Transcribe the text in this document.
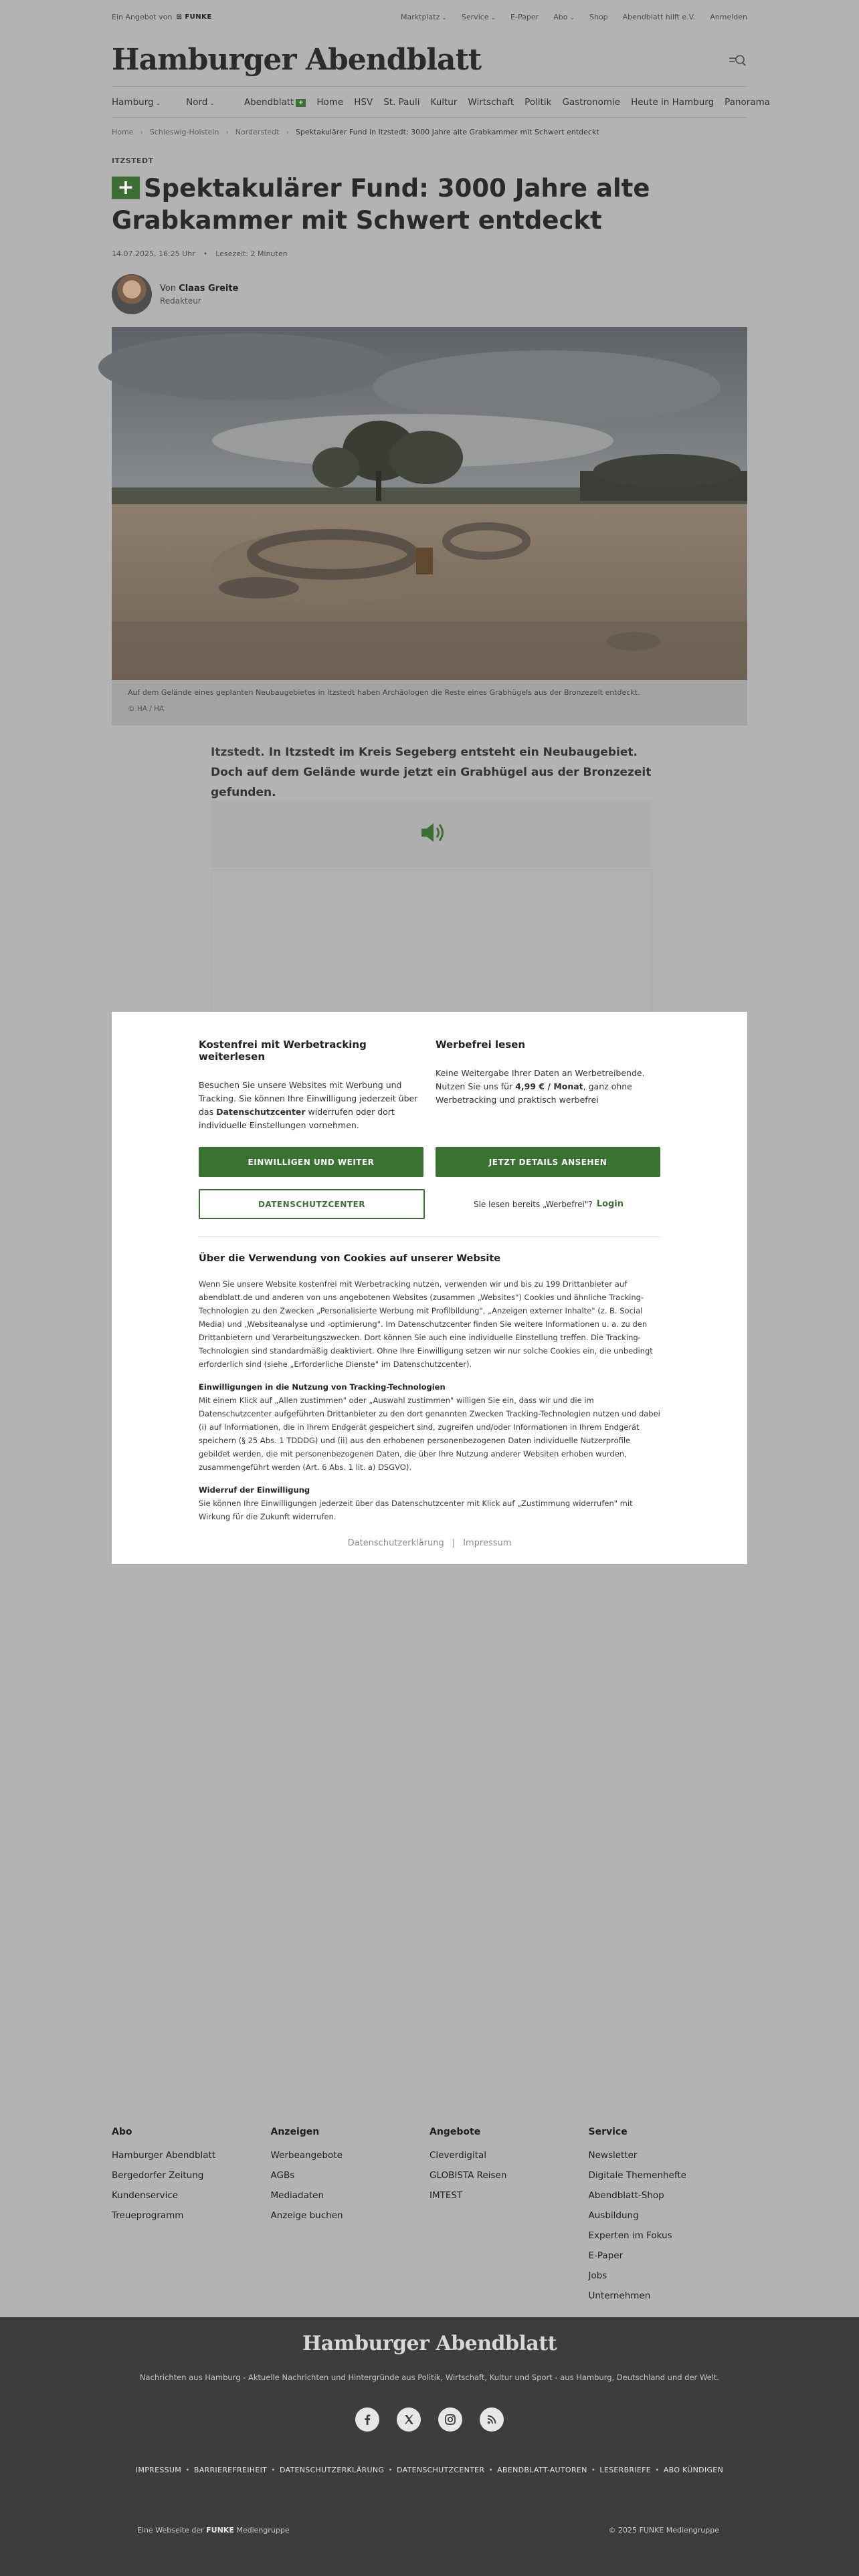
Ein Angebot von ⊞ FUNKE	Marktplatz ⌄ Service ⌄ E-Paper Abo ⌄ Shop Abendblatt hilft e.V. Anmelden
Hamburger Abendblatt
Hamburg ⌄	Nord ⌄	Abendblatt +	Home	HSV	St. Pauli	Kultur	Wirtschaft	Politik	Gastronomie	Heute in Hamburg	Panorama
Home › Schleswig-Holstein › Norderstedt › Spektakulärer Fund in Itzstedt: 3000 Jahre alte Grabkammer mit Schwert entdeckt
ITZSTEDT
+ Spektakulärer Fund: 3000 Jahre alte Grabkammer mit Schwert entdeckt
14.07.2025, 16:25 Uhr • Lesezeit: 2 Minuten
Von Claas Greite
Redakteur
Auf dem Gelände eines geplanten Neubaugebietes in Itzstedt haben Archäologen die Reste eines Grabhügels aus der Bronzezeit entdeckt.
© HA / HA
Itzstedt. In Itzstedt im Kreis Segeberg entsteht ein Neubaugebiet. Doch auf dem Gelände wurde jetzt ein Grabhügel aus der Bronzezeit gefunden.
Kostenfrei mit Werbetracking weiterlesen

Besuchen Sie unsere Websites mit Werbung und Tracking. Sie können Ihre Einwilligung jederzeit über das Datenschutzcenter widerrufen oder dort individuelle Einstellungen vornehmen.

Werbefrei lesen

Keine Weitergabe Ihrer Daten an Werbetreibende. Nutzen Sie uns für 4,99 € / Monat, ganz ohne Werbetracking und praktisch werbefrei

EINWILLIGEN UND WEITER	JETZT DETAILS ANSEHEN
DATENSCHUTZCENTER	Sie lesen bereits „Werbefrei"? Login
Über die Verwendung von Cookies auf unserer Website

Wenn Sie unsere Website kostenfrei mit Werbetracking nutzen, verwenden wir und bis zu 199 Drittanbieter auf abendblatt.de und anderen von uns angebotenen Websites (zusammen „Websites") Cookies und ähnliche Tracking-Technologien zu den Zwecken „Personalisierte Werbung mit Profilbildung", „Anzeigen externer Inhalte" (z. B. Social Media) und „Websiteanalyse und -optimierung". Im Datenschutzcenter finden Sie weitere Informationen u. a. zu den Drittanbietern und Verarbeitungszwecken. Dort können Sie auch eine individuelle Einstellung treffen. Die Tracking-Technologien sind standardmäßig deaktiviert. Ohne Ihre Einwilligung setzen wir nur solche Cookies ein, die unbedingt erforderlich sind (siehe „Erforderliche Dienste" im Datenschutzcenter).

Einwilligungen in die Nutzung von Tracking-Technologien

Mit einem Klick auf „Allen zustimmen" oder „Auswahl zustimmen" willigen Sie ein, dass wir und die im Datenschutzcenter aufgeführten Drittanbieter zu den dort genannten Zwecken Tracking-Technologien nutzen und dabei (i) auf Informationen, die in Ihrem Endgerät gespeichert sind, zugreifen und/oder Informationen in Ihrem Endgerät speichern (§ 25 Abs. 1 TDDDG) und (ii) aus den erhobenen personenbezogenen Daten individuelle Nutzerprofile gebildet werden, die mit personenbezogenen Daten, die über Ihre Nutzung anderer Websiten erhoben wurden, zusammengeführt werden (Art. 6 Abs. 1 lit. a) DSGVO).

Widerruf der Einwilligung

Sie können Ihre Einwilligungen jederzeit über das Datenschutzcenter mit Klick auf „Zustimmung widerrufen" mit Wirkung für die Zukunft widerrufen.

Datenschutzerklärung | Impressum
Abo
Hamburger Abendblatt
Bergedorfer Zeitung
Kundenservice
Treueprogramm
Anzeigen
Werbeangebote
AGBs
Mediadaten
Anzeige buchen
Angebote
Cleverdigital
GLOBISTA Reisen
IMTEST
Service
Newsletter
Digitale Themenhefte
Abendblatt-Shop
Ausbildung
Experten im Fokus
E-Paper
Jobs
Unternehmen
Hamburger Abendblatt
Nachrichten aus Hamburg - Aktuelle Nachrichten und Hintergründe aus Politik, Wirtschaft, Kultur und Sport - aus Hamburg, Deutschland und der Welt.
IMPRESSUM • BARRIEREFREIHEIT • DATENSCHUTZERKLÄRUNG • DATENSCHUTZCENTER • ABENDBLATT-AUTOREN • LESERBRIEFE • ABO KÜNDIGEN
Eine Webseite der FUNKE Mediengruppe	© 2025 FUNKE Mediengruppe
